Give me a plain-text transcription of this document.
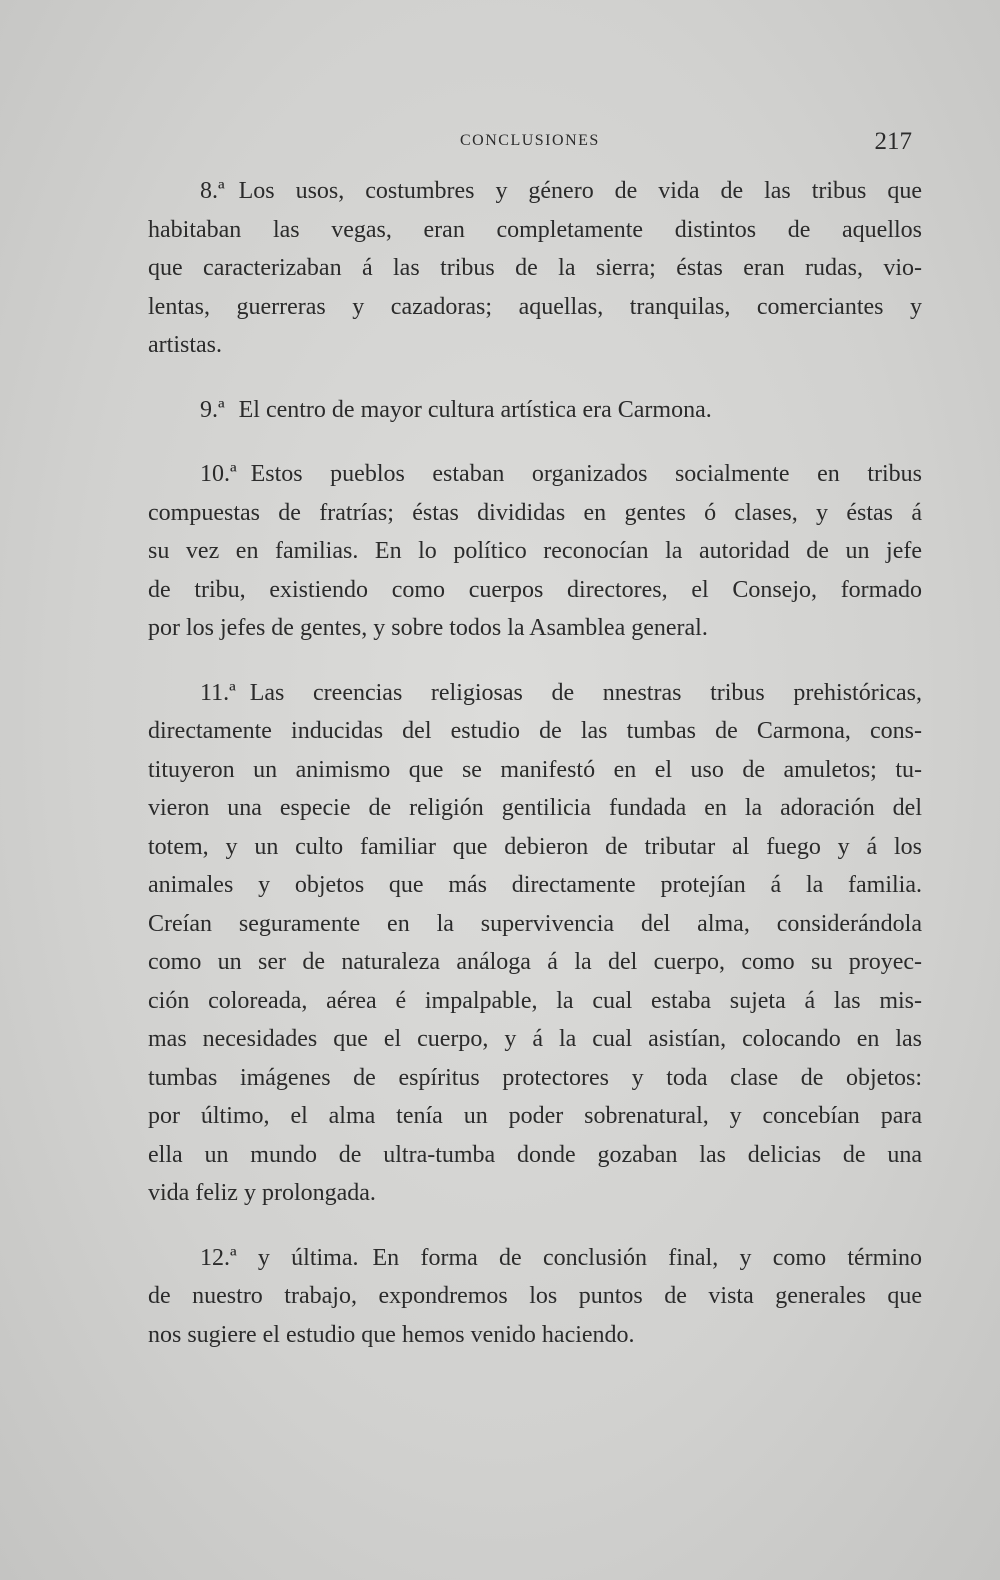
CONCLUSIONES	217

8.ª Los usos, costumbres y género de vida de las tribus que
habitaban las vegas, eran completamente distintos de aquellos
que caracterizaban á las tribus de la sierra; éstas eran rudas, vio-
lentas, guerreras y cazadoras; aquellas, tranquilas, comerciantes y
artistas.

9.ª El centro de mayor cultura artística era Carmona.

10.ª Estos pueblos estaban organizados socialmente en tribus
compuestas de fratrías; éstas divididas en gentes ó clases, y éstas á
su vez en familias. En lo político reconocían la autoridad de un jefe
de tribu, existiendo como cuerpos directores, el Consejo, formado
por los jefes de gentes, y sobre todos la Asamblea general.

11.ª Las creencias religiosas de nnestras tribus prehistóricas,
directamente inducidas del estudio de las tumbas de Carmona, cons-
tituyeron un animismo que se manifestó en el uso de amuletos; tu-
vieron una especie de religión gentilicia fundada en la adoración del
totem, y un culto familiar que debieron de tributar al fuego y á los
animales y objetos que más directamente protejían á la familia.
Creían seguramente en la supervivencia del alma, considerándola
como un ser de naturaleza análoga á la del cuerpo, como su proyec-
ción coloreada, aérea é impalpable, la cual estaba sujeta á las mis-
mas necesidades que el cuerpo, y á la cual asistían, colocando en las
tumbas imágenes de espíritus protectores y toda clase de objetos:
por último, el alma tenía un poder sobrenatural, y concebían para
ella un mundo de ultra-tumba donde gozaban las delicias de una
vida feliz y prolongada.

12.ª y última. En forma de conclusión final, y como término
de nuestro trabajo, expondremos los puntos de vista generales que
nos sugiere el estudio que hemos venido haciendo.
